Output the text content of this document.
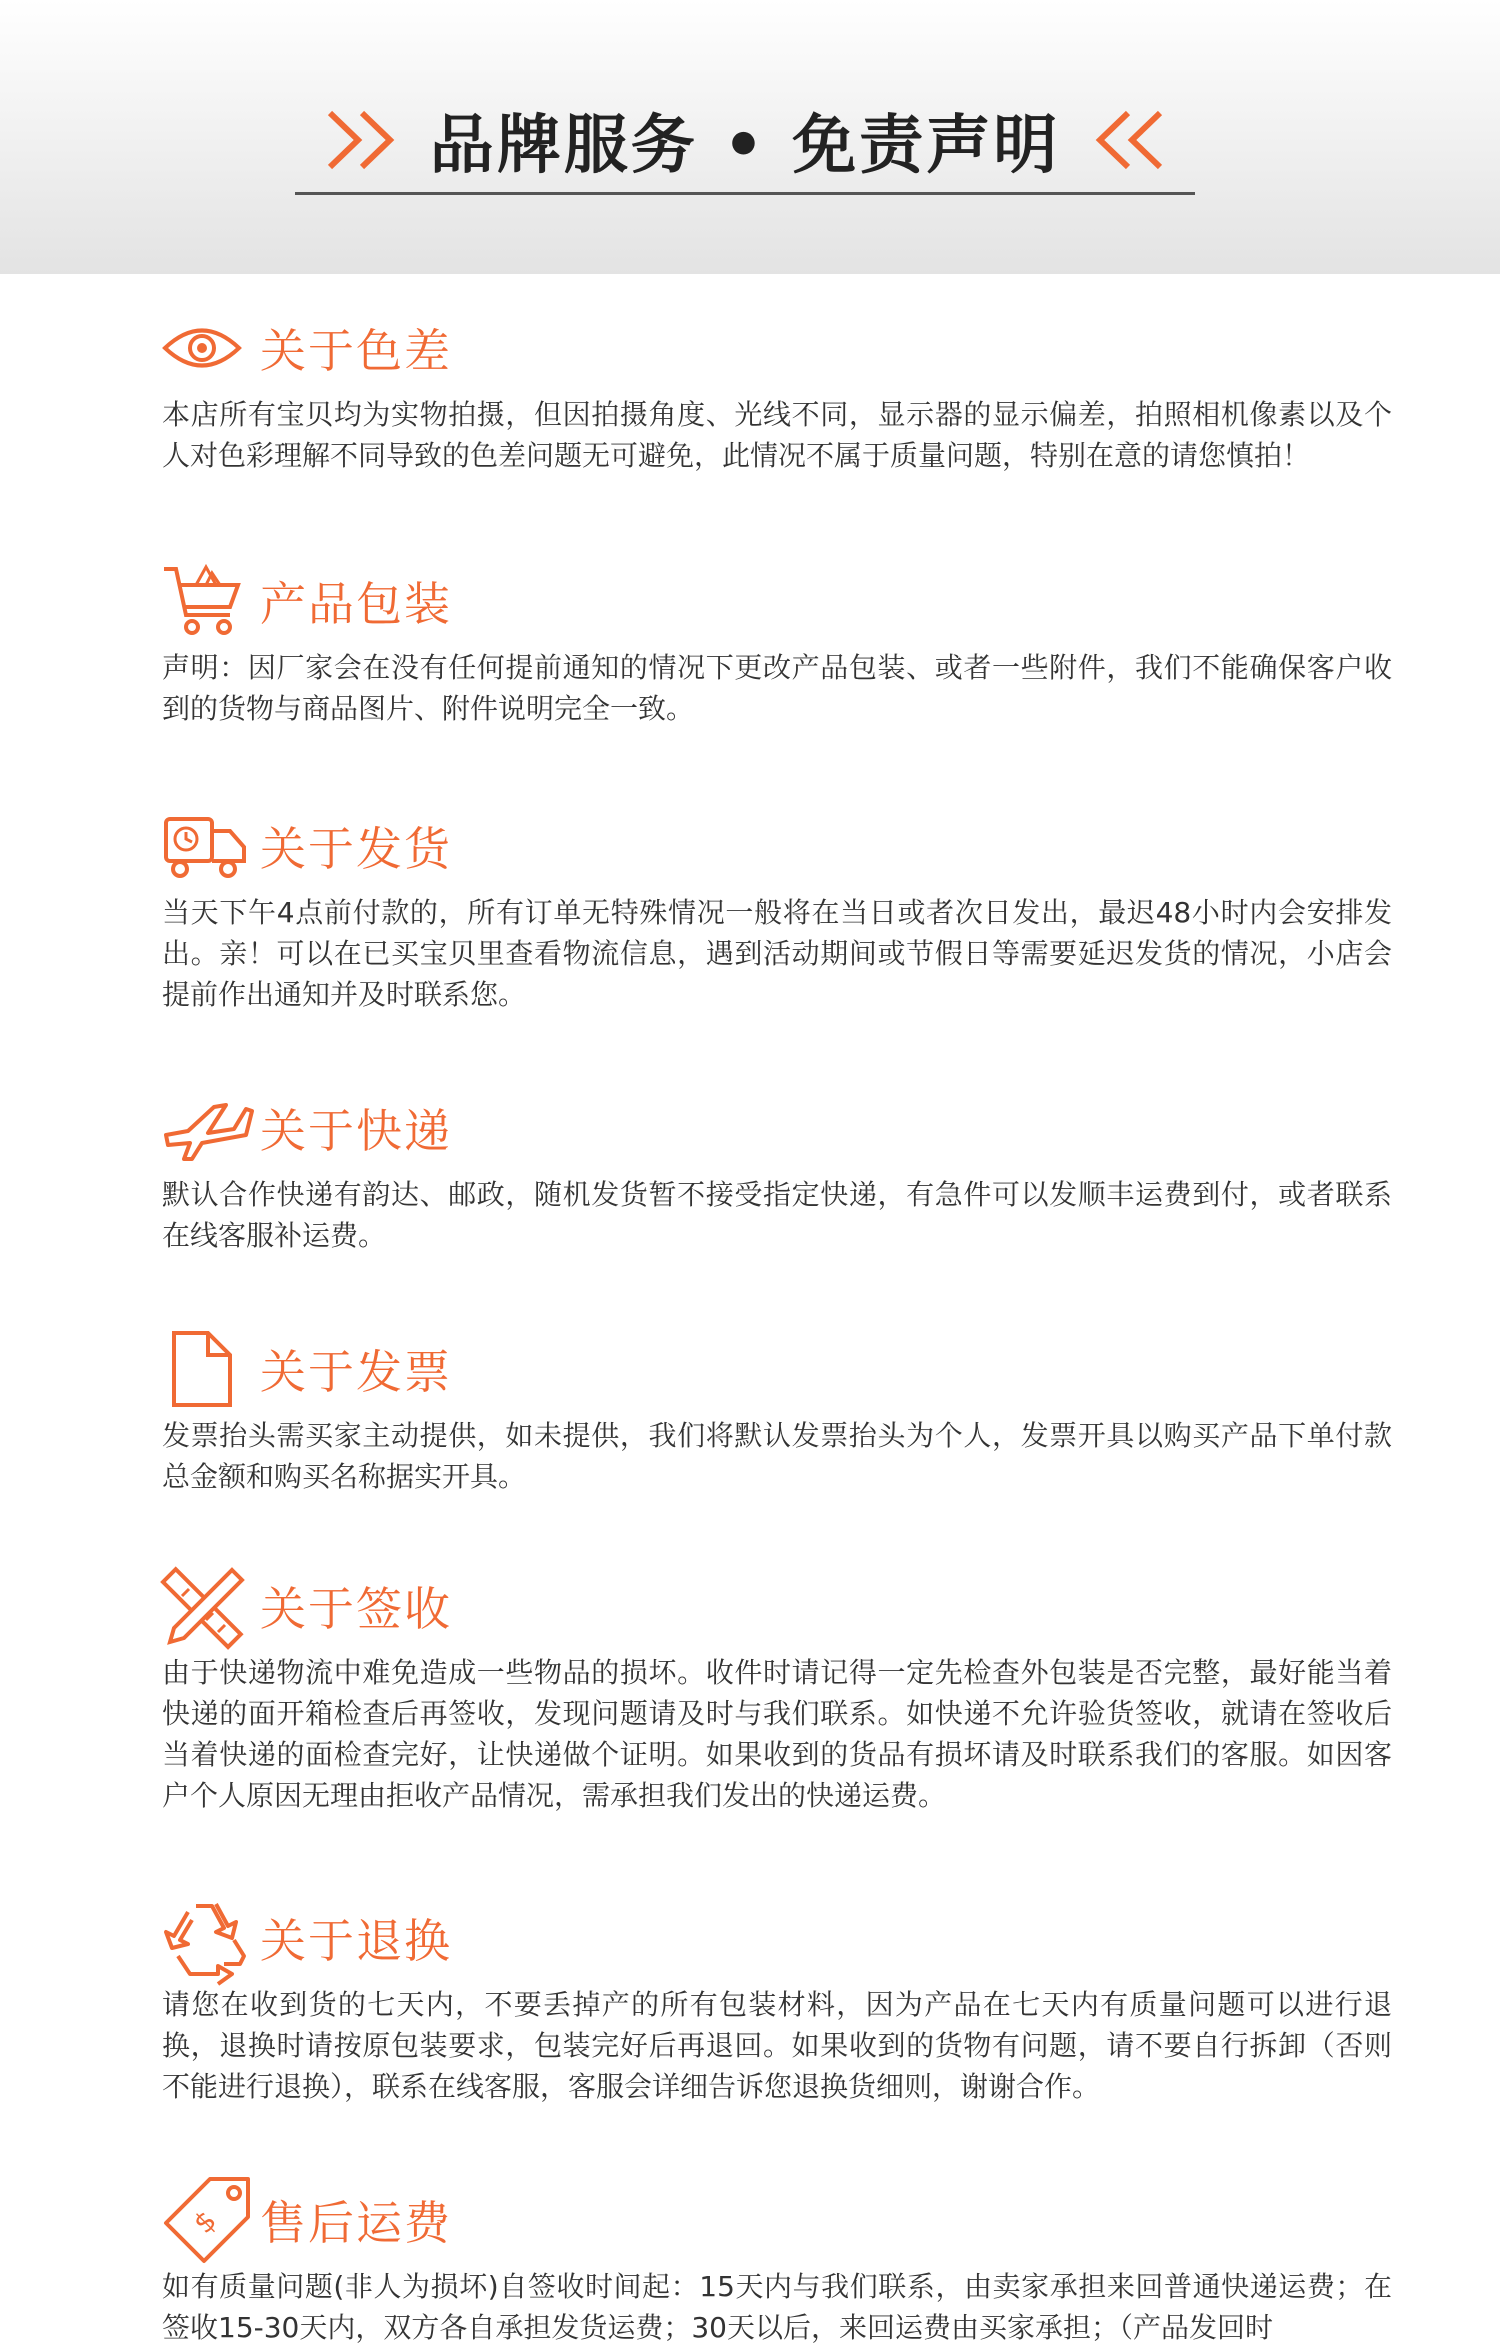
品牌服务 • 免责声明
关于色差
本店所有宝贝均为实物拍摄，但因拍摄角度、光线不同，显示器的显示偏差，拍照相机像素以及个人对色彩理解不同导致的色差问题无可避免，此情况不属于质量问题，特别在意的请您慎拍！
产品包装
声明：因厂家会在没有任何提前通知的情况下更改产品包装、或者一些附件，我们不能确保客户收到的货物与商品图片、附件说明完全一致。
关于发货
当天下午4点前付款的，所有订单无特殊情况一般将在当日或者次日发出，最迟48小时内会安排发出。亲！可以在已买宝贝里查看物流信息，遇到活动期间或节假日等需要延迟发货的情况，小店会提前作出通知并及时联系您。
关于快递
默认合作快递有韵达、邮政，随机发货暂不接受指定快递，有急件可以发顺丰运费到付，或者联系在线客服补运费。
关于发票
发票抬头需买家主动提供，如未提供，我们将默认发票抬头为个人，发票开具以购买产品下单付款总金额和购买名称据实开具。
关于签收
由于快递物流中难免造成一些物品的损坏。收件时请记得一定先检查外包装是否完整，最好能当着快递的面开箱检查后再签收，发现问题请及时与我们联系。如快递不允许验货签收，就请在签收后当着快递的面检查完好，让快递做个证明。如果收到的货品有损坏请及时联系我们的客服。如因客户个人原因无理由拒收产品情况，需承担我们发出的快递运费。
关于退换
请您在收到货的七天内，不要丢掉产的所有包装材料，因为产品在七天内有质量问题可以进行退换，退换时请按原包装要求，包装完好后再退回。如果收到的货物有问题，请不要自行拆卸（否则不能进行退换），联系在线客服，客服会详细告诉您退换货细则，谢谢合作。
$ 售后运费
如有质量问题(非人为损坏)自签收时间起：15天内与我们联系，由卖家承担来回普通快递运费；在签收15-30天内，双方各自承担发货运费；30天以后，来回运费由买家承担；（产品发回时
